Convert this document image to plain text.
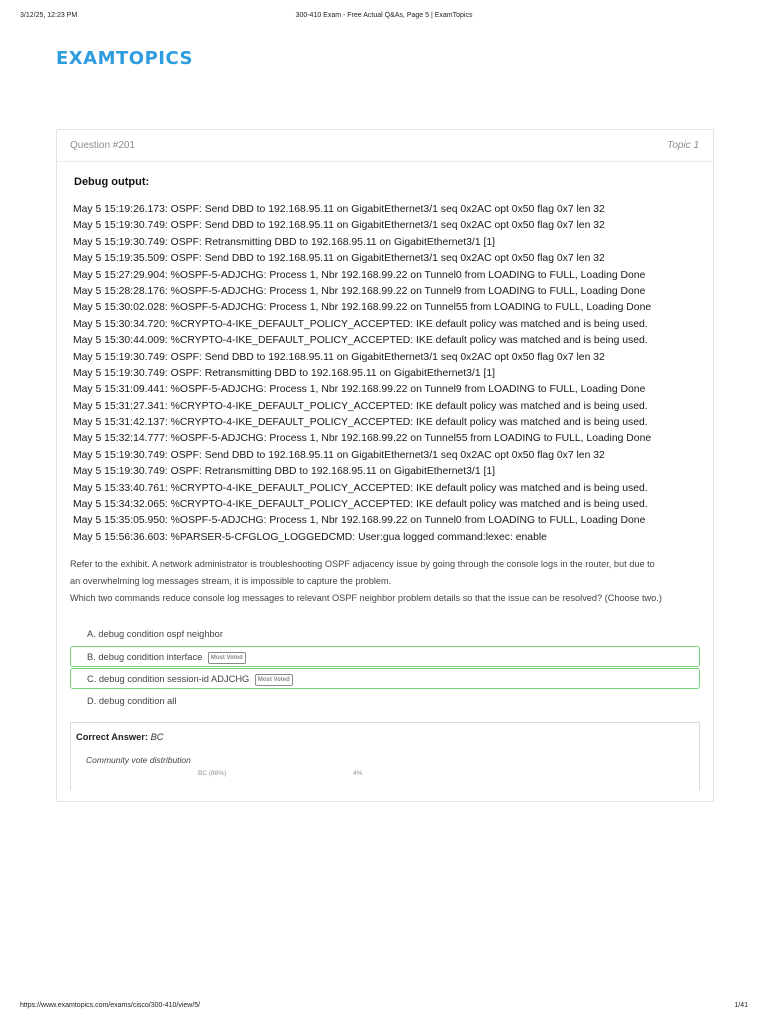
3/12/25, 12:23 PM	300-410 Exam - Free Actual Q&As, Page 5 | ExamTopics
EXAMTOPICS
Question #201	Topic 1
Debug output:
May 5 15:19:26.173: OSPF: Send DBD to 192.168.95.11 on GigabitEthernet3/1 seq 0x2AC opt 0x50 flag 0x7 len 32
May 5 15:19:30.749: OSPF: Send DBD to 192.168.95.11 on GigabitEthernet3/1 seq 0x2AC opt 0x50 flag 0x7 len 32
May 5 15:19:30.749: OSPF: Retransmitting DBD to 192.168.95.11 on GigabitEthernet3/1 [1]
May 5 15:19:35.509: OSPF: Send DBD to 192.168.95.11 on GigabitEthernet3/1 seq 0x2AC opt 0x50 flag 0x7 len 32
May 5 15:27:29.904: %OSPF-5-ADJCHG: Process 1, Nbr 192.168.99.22 on Tunnel0 from LOADING to FULL, Loading Done
May 5 15:28:28.176: %OSPF-5-ADJCHG: Process 1, Nbr 192.168.99.22 on Tunnel9 from LOADING to FULL, Loading Done
May 5 15:30:02.028: %OSPF-5-ADJCHG: Process 1, Nbr 192.168.99.22 on Tunnel55 from LOADING to FULL, Loading Done
May 5 15:30:34.720: %CRYPTO-4-IKE_DEFAULT_POLICY_ACCEPTED: IKE default policy was matched and is being used.
May 5 15:30:44.009: %CRYPTO-4-IKE_DEFAULT_POLICY_ACCEPTED: IKE default policy was matched and is being used.
May 5 15:19:30.749: OSPF: Send DBD to 192.168.95.11 on GigabitEthernet3/1 seq 0x2AC opt 0x50 flag 0x7 len 32
May 5 15:19:30.749: OSPF: Retransmitting DBD to 192.168.95.11 on GigabitEthernet3/1 [1]
May 5 15:31:09.441: %OSPF-5-ADJCHG: Process 1, Nbr 192.168.99.22 on Tunnel9 from LOADING to FULL, Loading Done
May 5 15:31:27.341: %CRYPTO-4-IKE_DEFAULT_POLICY_ACCEPTED: IKE default policy was matched and is being used.
May 5 15:31:42.137: %CRYPTO-4-IKE_DEFAULT_POLICY_ACCEPTED: IKE default policy was matched and is being used.
May 5 15:32:14.777: %OSPF-5-ADJCHG: Process 1, Nbr 192.168.99.22 on Tunnel55 from LOADING to FULL, Loading Done
May 5 15:19:30.749: OSPF: Send DBD to 192.168.95.11 on GigabitEthernet3/1 seq 0x2AC opt 0x50 flag 0x7 len 32
May 5 15:19:30.749: OSPF: Retransmitting DBD to 192.168.95.11 on GigabitEthernet3/1 [1]
May 5 15:33:40.761: %CRYPTO-4-IKE_DEFAULT_POLICY_ACCEPTED: IKE default policy was matched and is being used.
May 5 15:34:32.065: %CRYPTO-4-IKE_DEFAULT_POLICY_ACCEPTED: IKE default policy was matched and is being used.
May 5 15:35:05.950: %OSPF-5-ADJCHG: Process 1, Nbr 192.168.99.22 on Tunnel0 from LOADING to FULL, Loading Done
May 5 15:56:36.603: %PARSER-5-CFGLOG_LOGGEDCMD: User:gua logged command:lexec: enable
Refer to the exhibit. A network administrator is troubleshooting OSPF adjacency issue by going through the console logs in the router, but due to
an overwhelming log messages stream, it is impossible to capture the problem.
Which two commands reduce console log messages to relevant OSPF neighbor problem details so that the issue can be resolved? (Choose two.)
A. debug condition ospf neighbor
B. debug condition interface Most Voted
C. debug condition session-id ADJCHG Most Voted
D. debug condition all
Correct Answer: BC
Community vote distribution
BC (88%)	4%
https://www.examtopics.com/exams/cisco/300-410/view/5/	1/41
